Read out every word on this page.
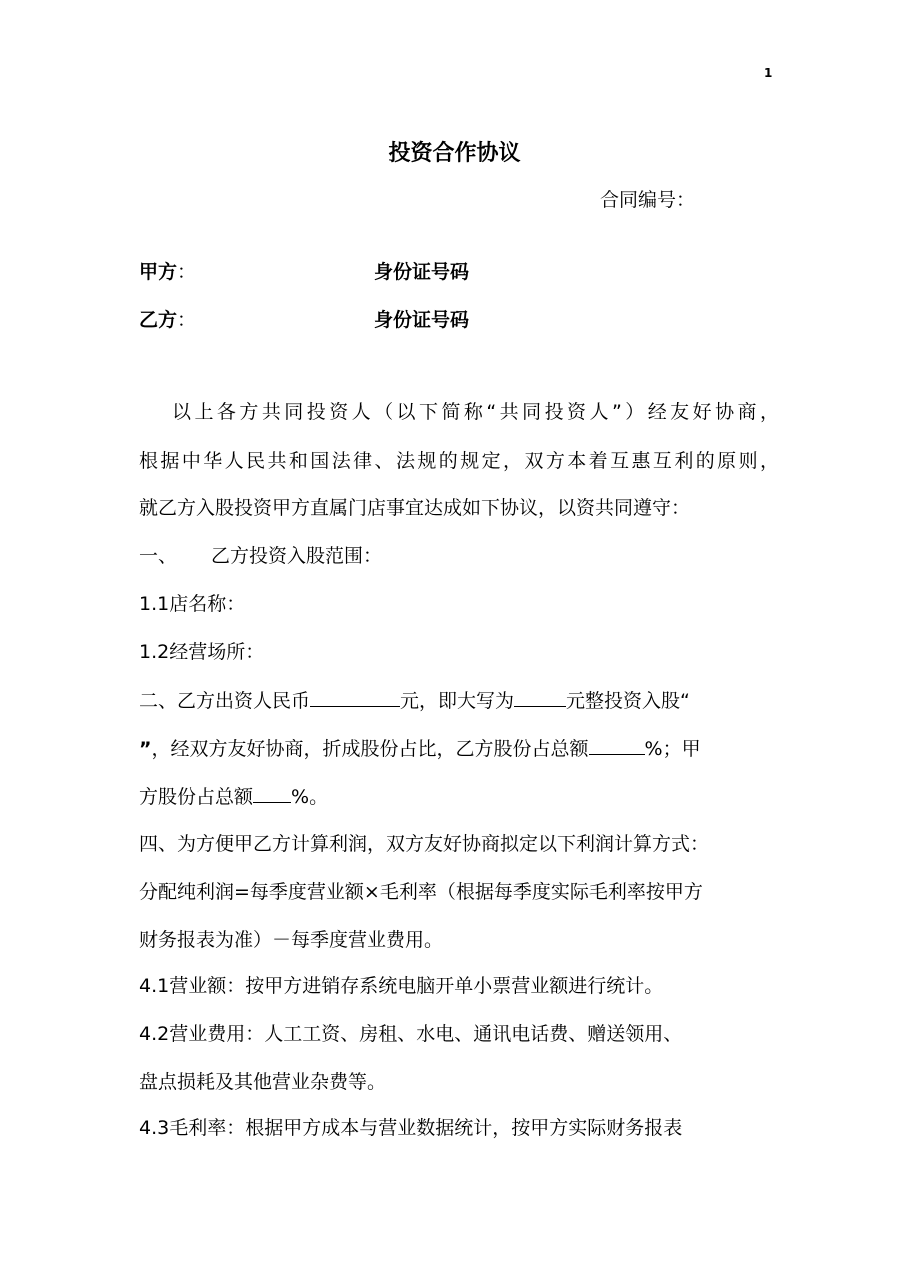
1
投资合作协议
合同编号：
甲方：	身份证号码
乙方：	身份证号码
以上各方共同投资人（以下简称“共同投资人”）经友好协商，
根据中华人民共和国法律、法规的规定，双方本着互惠互利的原则，
就乙方入股投资甲方直属门店事宜达成如下协议，以资共同遵守：
一、 乙方投资入股范围：
1.1店名称：
1.2经营场所：
二、乙方出资人民币	元，即大写为	元整投资入股“
”，经双方友好协商，折成股份占比，乙方股份占总额	%；甲
方股份占总额 %。
四、为方便甲乙方计算利润，双方友好协商拟定以下利润计算方式：
分配纯利润=每季度营业额×毛利率（根据每季度实际毛利率按甲方
财务报表为准）－每季度营业费用。
4.1营业额：按甲方进销存系统电脑开单小票营业额进行统计。
4.2营业费用：人工工资、房租、水电、通讯电话费、赠送领用、
盘点损耗及其他营业杂费等。
4.3毛利率：根据甲方成本与营业数据统计，按甲方实际财务报表
